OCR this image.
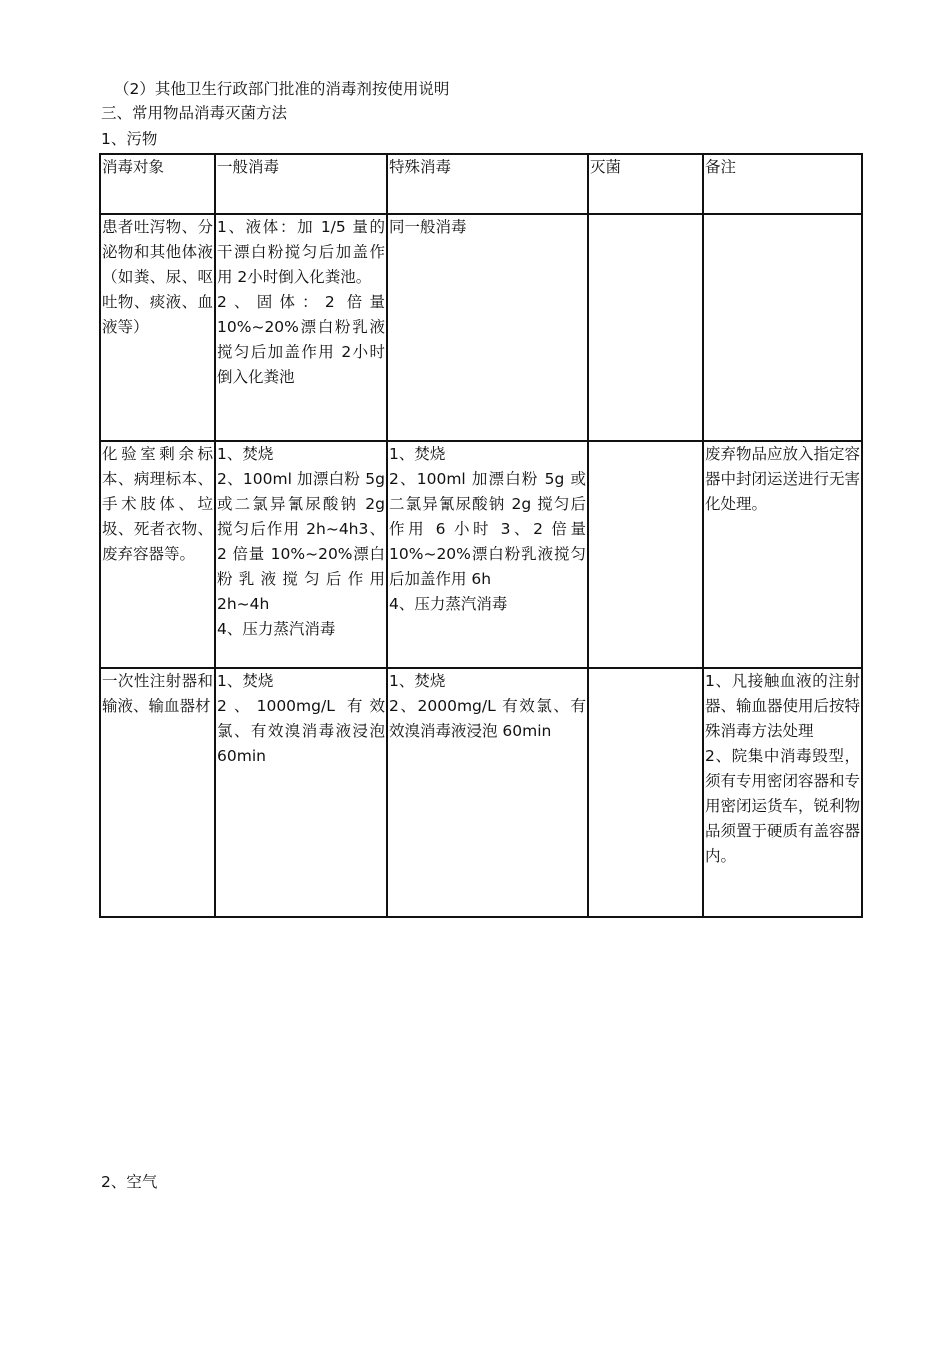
（2）其他卫生行政部门批准的消毒剂按使用说明
三、常用物品消毒灭菌方法
1、污物
消毒对象	一般消毒	特殊消毒	灭菌	备注
患者吐泻物、分泌物和其他体液（如粪、尿、呕吐物、痰液、血液等）	1、液体：加 1/5 量的干漂白粉搅匀后加盖作用 2小时倒入化粪池。
2、固体：2 倍量 10%~20%漂白粉乳液搅匀后加盖作用 2小时倒入化粪池	同一般消毒		

化验室剩余标本、病理标本、手术肢体、垃圾、死者衣物、废弃容器等。	1、焚烧
2、100ml 加漂白粉 5g 或二氯异氰尿酸钠 2g 搅匀后作用 2h~4h3、2 倍量 10%~20%漂白粉乳液搅匀后作用 2h~4h
4、压力蒸汽消毒	1、焚烧
2、100ml 加漂白粉 5g 或二氯异氰尿酸钠 2g 搅匀后作用 6 小时 3、2 倍量 10%~20%漂白粉乳液搅匀后加盖作用 6h
4、压力蒸汽消毒		废弃物品应放入指定容器中封闭运送进行无害化处理。

一次性注射器和输液、输血器材	1、焚烧
2、1000mg/L 有效氯、有效溴消毒液浸泡 60min	1、焚烧
2、2000mg/L 有效氯、有效溴消毒液浸泡 60min		1、凡接触血液的注射器、输血器使用后按特殊消毒方法处理
2、院集中消毒毁型，须有专用密闭容器和专用密闭运货车，锐利物品须置于硬质有盖容器内。
2、空气
